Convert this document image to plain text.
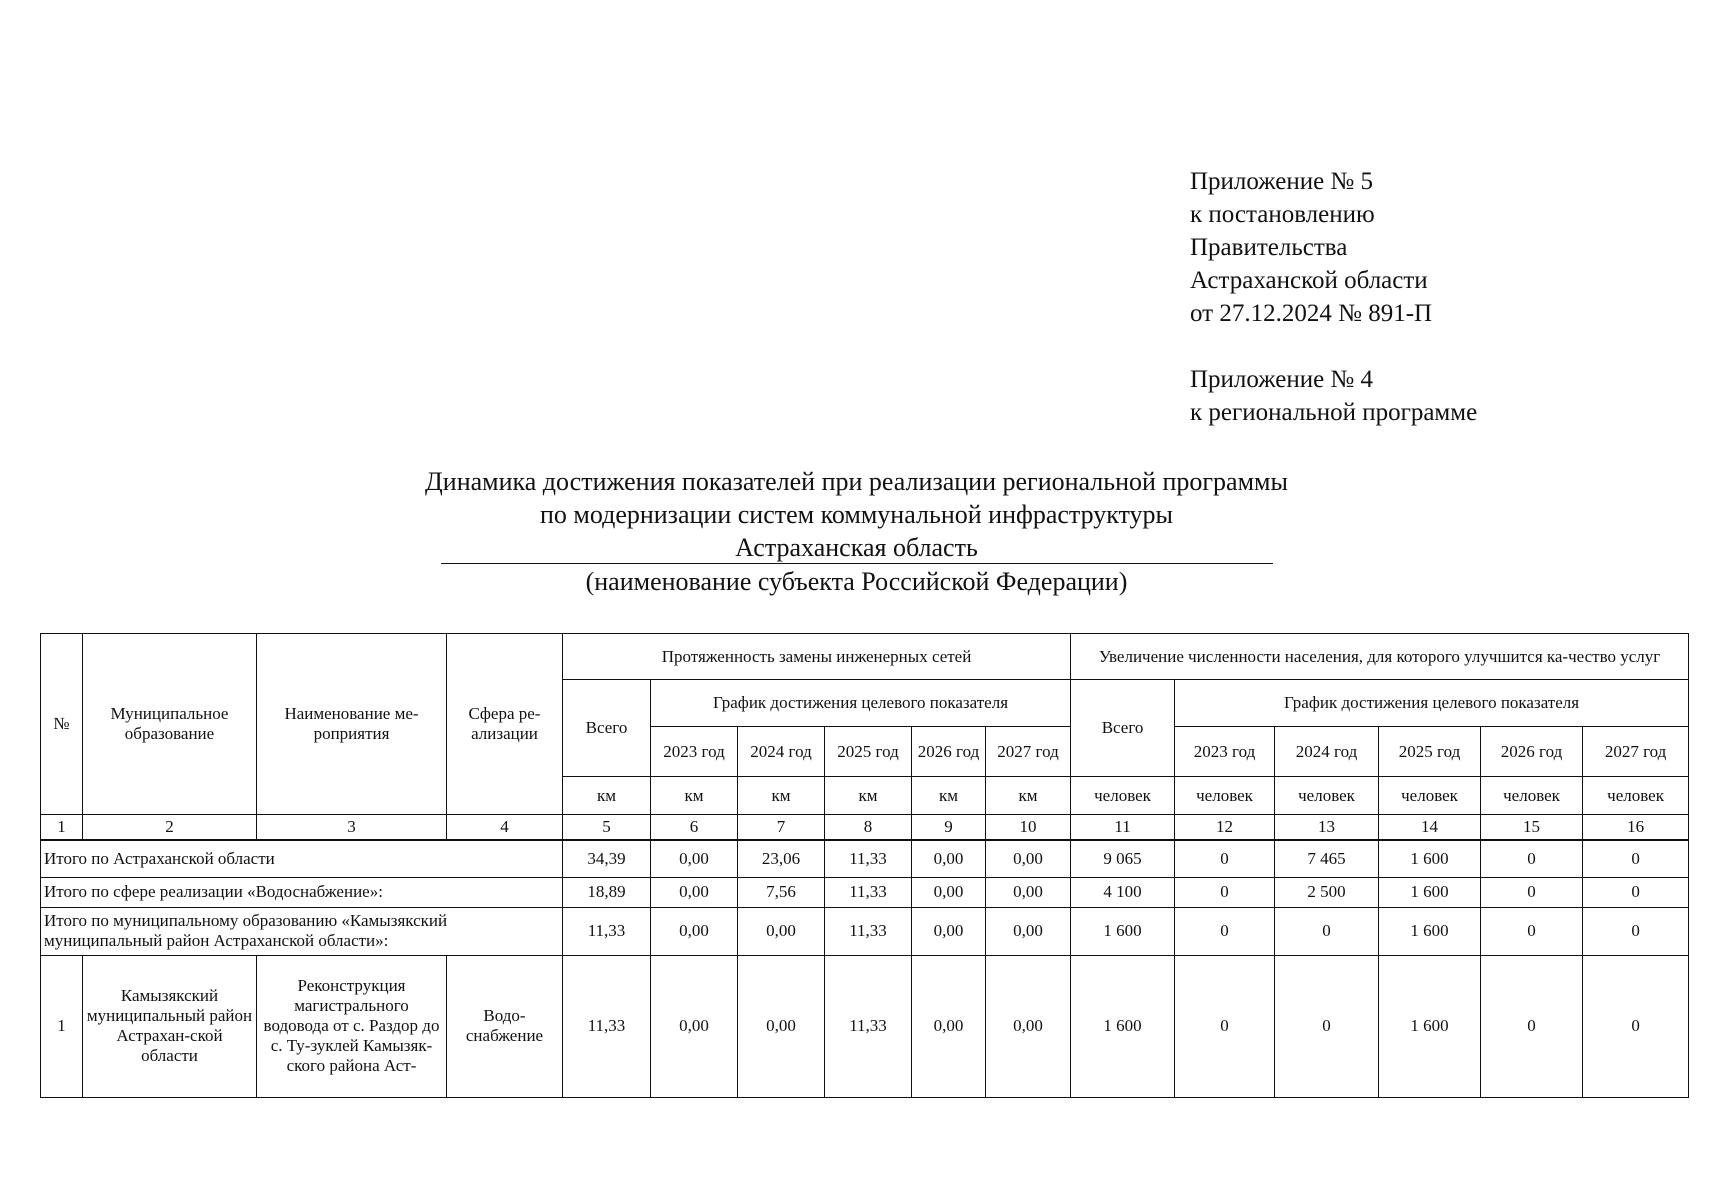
Приложение № 5
к постановлению
Правительства
Астраханской области
от 27.12.2024 № 891-П
Приложение № 4
к региональной программе
Динамика достижения показателей при реализации региональной программы
по модернизации систем коммунальной инфраструктуры
Астраханская область
(наименование субъекта Российской Федерации)
№	Муниципальное образование	Наименование ме-роприятия	Сфера ре-ализации	Протяженность замены инженерных сетей						Увеличение численности населения, для которого улучшится ка-чество услуг					
				Всего	График достижения целевого показателя					Всего	График достижения целевого показателя				
					2023 год	2024 год	2025 год	2026 год	2027 год		2023 год	2024 год	2025 год	2026 год	2027 год
				км	км	км	км	км	км	человек	человек	человек	человек	человек	человек
1	2	3	4	5	6	7	8	9	10	11	12	13	14	15	16
Итого по Астраханской области				34,39	0,00	23,06	11,33	0,00	0,00	9 065	0	7 465	1 600	0	0
Итого по сфере реализации «Водоснабжение»:				18,89	0,00	7,56	11,33	0,00	0,00	4 100	0	2 500	1 600	0	0
Итого по муниципальному образованию «Камызякский муниципальный район Астраханской области»:				11,33	0,00	0,00	11,33	0,00	0,00	1 600	0	0	1 600	0	0
1	Камызякский муниципальный район Астрахан-ской области	Реконструкция магистрального водовода от с. Раздор до с. Ту-зуклей Камызяк-ского района Аст-	Водо-снабжение	11,33	0,00	0,00	11,33	0,00	0,00	1 600	0	0	1 600	0	0
